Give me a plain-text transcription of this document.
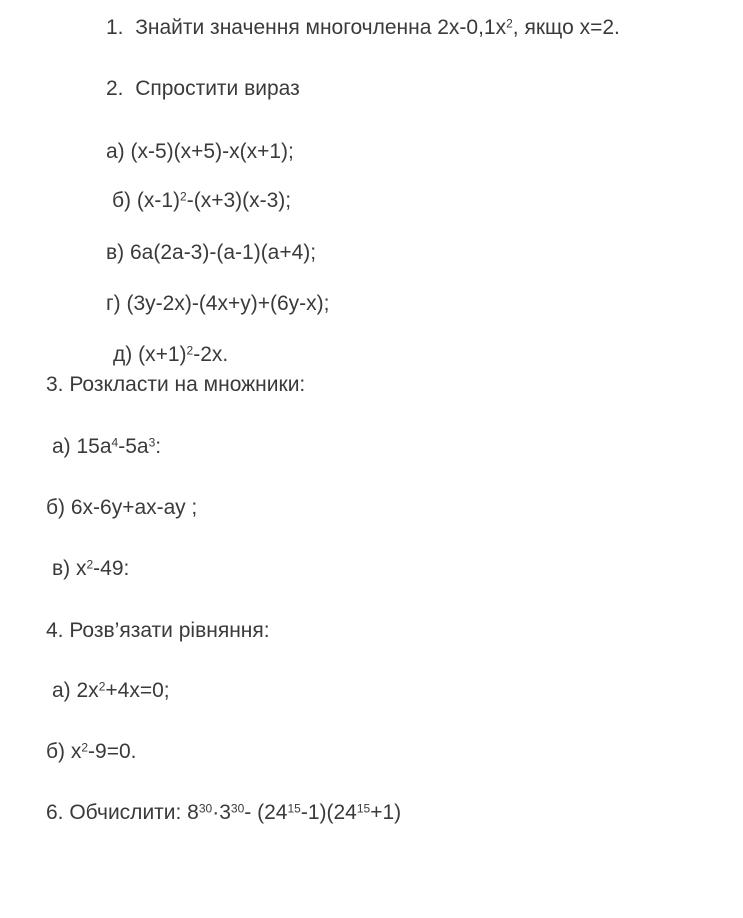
1. Знайти значення многочленна $2х-0,1х^2$, якщо х=2.
2. Спростити вираз
а) (х-5)(х+5)-х(х+1);
б) $(х-1)^2-(х+3)(х-3)$;
в) 6а(2а-3)-(а-1)(а+4);
г) (3у-2х)-(4х+у)+(6у-х);
д) $(х+1)^2-2х$.
3. Розкласти на множники:
а) $15а^4-5а^3$:
б) 6х-6у+ах-ау ;
в) $х^2-49$:
4. Розв’язати рівняння:
а) $2х^2+4х=0$;
б) $х^2-9=0$.
6. Обчислити: $8^{30}\cdot 3^{30}-$ $(24^{15}-1)(24^{15}+1)$
